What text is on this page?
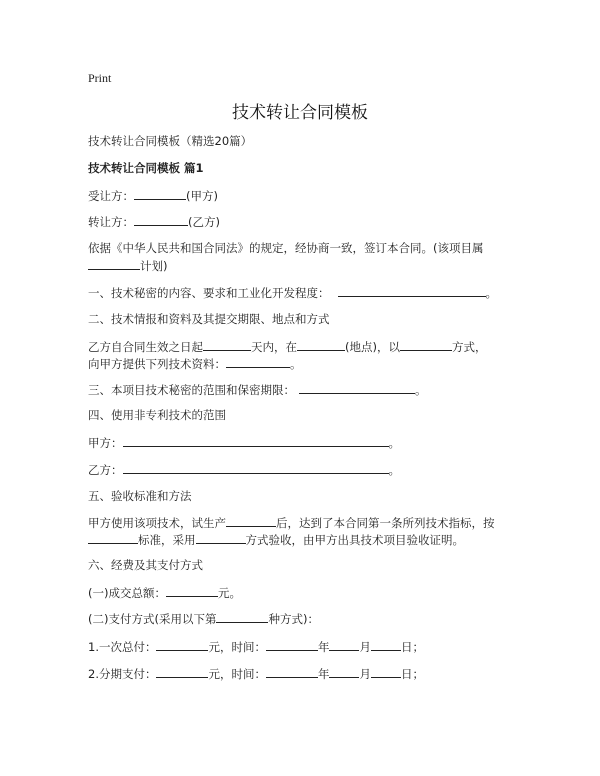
Print
技术转让合同模板
技术转让合同模板（精选20篇）
技术转让合同模板 篇1
受让方：	(甲方)
转让方：	(乙方)
依据《中华人民共和国合同法》的规定，经协商一致，签订本合同。(该项目属
计划)
一、技术秘密的内容、要求和工业化开发程度：	。
二、技术情报和资料及其提交期限、地点和方式
乙方自合同生效之日起	天内，在	(地点)，以	方式，
向甲方提供下列技术资料：	。
三、本项目技术秘密的范围和保密期限：	。
四、使用非专利技术的范围
甲方：	。
乙方：	。
五、验收标准和方法
甲方使用该项技术，试生产	后，达到了本合同第一条所列技术指标，按
标准，采用	方式验收，由甲方出具技术项目验收证明。
六、经费及其支付方式
(一)成交总额：	元。
(二)支付方式(采用以下第	种方式)：
1.一次总付：	元，时间：	年	月	日；
2.分期支付：	元，时间：	年	月	日；
